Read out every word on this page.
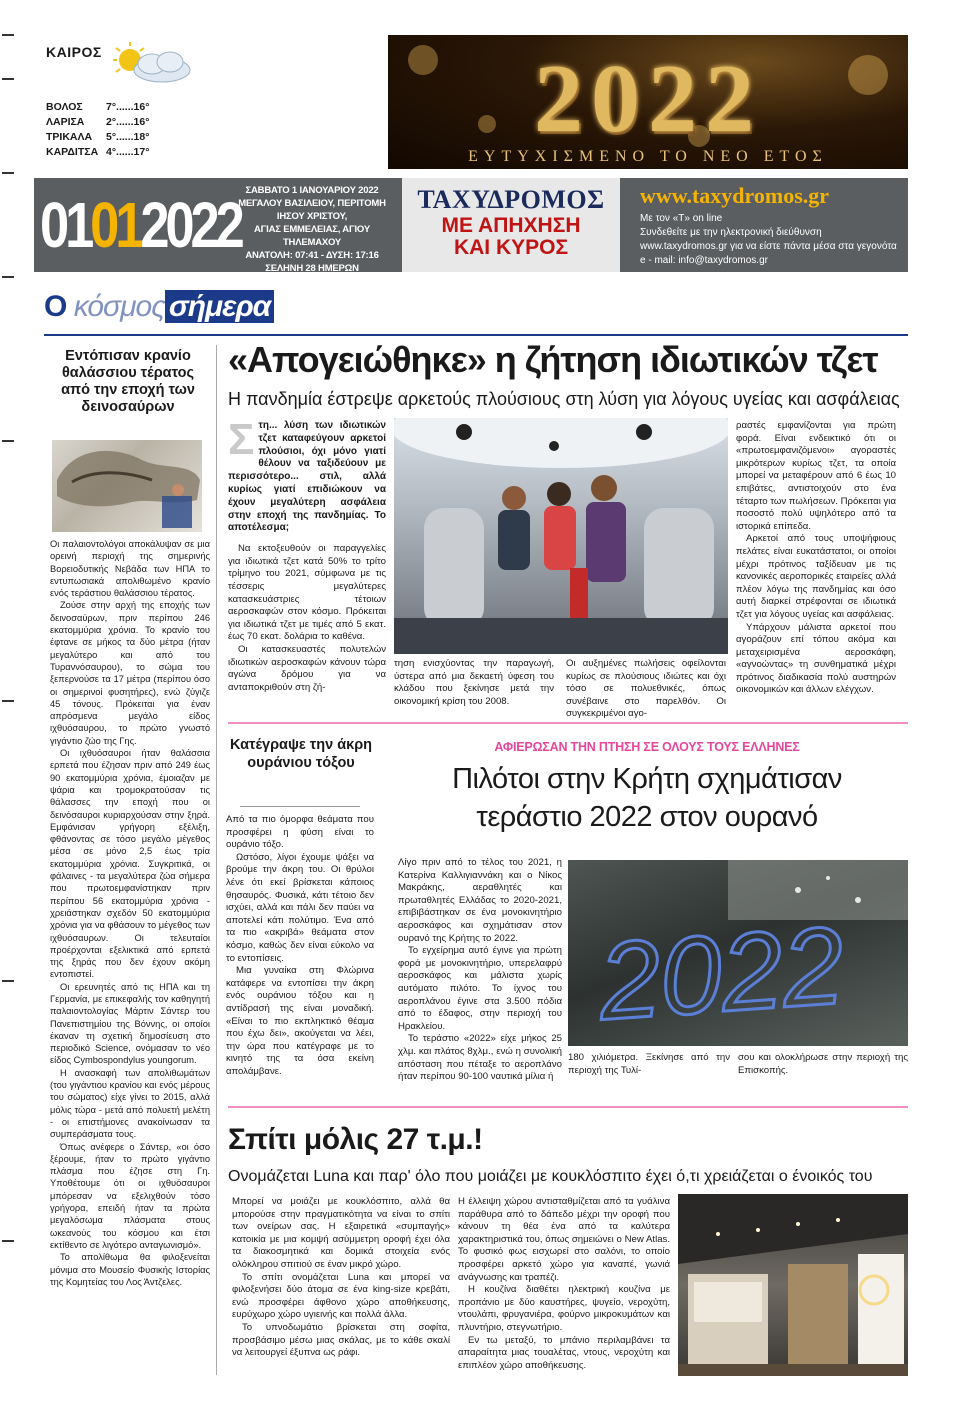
ΚΑΙΡΟΣ
ΒΟΛΟΣ	7°......16°
ΛΑΡΙΣΑ	2°......16°
ΤΡΙΚΑΛΑ	5°......18°
ΚΑΡΔΙΤΣΑ 4°......17°	2022
ΕΥΤΥΧΙΣΜΕΝΟ ΤΟ ΝΕΟ ΕΤΟΣ
01012022 ΣΑΒΒΑΤΟ 1 ΙΑΝΟΥΑΡΙΟΥ 2022
ΜΕΓΑΛΟΥ ΒΑΣΙΛΕΙΟΥ, ΠΕΡΙΤΟΜΗ ΙΗΣΟΥ ΧΡΙΣΤΟΥ,
ΑΓΙΑΣ ΕΜΜΕΛΕΙΑΣ, ΑΓΙΟΥ ΤΗΛΕΜΑΧΟΥ
ΑΝΑΤΟΛΗ: 07:41 - ΔΥΣΗ: 17:16
ΣΕΛΗΝΗ 28 ΗΜΕΡΩΝ
ΤΑΧΥΔΡΟΜΟΣ
ΜΕ ΑΠΗΧΗΣΗ
ΚΑΙ ΚΥΡΟΣ
www.taxydromos.gr
Με τον «Τ» on line
Συνδεθείτε με την ηλεκτρονική διεύθυνση
www.taxydromos.gr για να είστε πάντα μέσα στα γεγονότα
e - mail: info@taxydromos.gr
Ο κόσμος σήμερα
Εντόπισαν κρανίο θαλάσσιου τέρατος από την εποχή των δεινοσαύρων

Οι παλαιοντολόγοι αποκάλυψαν σε μια ορεινή περιοχή της σημερινής Βορειοδυτικής Νεβάδα των ΗΠΑ το εντυπωσιακά απολιθωμένο κρανίο ενός τεράστιου θαλάσσιου τέρατος.

Ζούσε στην αρχή της εποχής των δεινοσαύρων, πριν περίπου 246 εκατομμύρια χρόνια. Το κρανίο του έφτανε σε μήκος τα δύο μέτρα (ήταν μεγαλύτερο και από του Τυραννόσαυρου), το σώμα του ξεπερνούσε τα 17 μέτρα (περίπου όσο οι σημερινοί φυσητήρες), ενώ ζύγιζε 45 τόνους. Πρόκειται για έναν απρόσμενα μεγάλο είδος ιχθυόσαυρου, το πρώτο γνωστό γιγάντιο ζώο της Γης.

Οι ιχθυόσαυροι ήταν θαλάσσια ερπετά που έζησαν πριν από 249 έως 90 εκατομμύρια χρόνια, έμοιαζαν με ψάρια και τρομοκρατούσαν τις θάλασσες την εποχή που οι δεινόσαυροι κυριαρχούσαν στην ξηρά. Εμφάνισαν γρήγορη εξέλιξη, φθάνοντας σε τόσο μεγάλο μέγεθος μέσα σε μόνο 2,5 έως τρία εκατομμύρια χρόνια. Συγκριτικά, οι φάλαινες - τα μεγαλύτερα ζώα σήμερα που πρωτοεμφανίστηκαν πριν περίπου 56 εκατομμύρια χρόνια - χρειάστηκαν σχεδόν 50 εκατομμύρια χρόνια για να φθάσουν το μέγεθος των ιχθυόσαυρων. Οι τελευταίοι προέρχονται εξελικτικά από ερπετά της ξηράς που δεν έχουν ακόμη εντοπιστεί.

Οι ερευνητές από τις ΗΠΑ και τη Γερμανία, με επικεφαλής τον καθηγητή παλαιοντολογίας Μάρτιν Σάντερ του Πανεπιστημίου της Βόννης, οι οποίοι έκαναν τη σχετική δημοσίευση στο περιοδικό Science, ονόμασαν το νέο είδος Cymbospondylus youngorum.

Η ανασκαφή των απολιθωμάτων (του γιγάντιου κρανίου και ενός μέρους του σώματος) είχε γίνει το 2015, αλλά μόλις τώρα - μετά από πολυετή μελέτη - οι επιστήμονες ανακοίνωσαν τα συμπεράσματα τους.

Όπως ανέφερε ο Σάντερ, «οι όσο ξέρουμε, ήταν το πρώτο γιγάντιο πλάσμα που έζησε στη Γη. Υποθέτουμε ότι οι ιχθυόσαυροι μπόρεσαν να εξελιχθούν τόσο γρήγορα, επειδή ήταν τα πρώτα μεγαλόσωμα πλάσματα στους ωκεανούς του κόσμου και έτσι εκτίθεντο σε λιγότερο ανταγωνισμό».

Το απολίθωμα θα φιλοξενείται μόνιμα στο Μουσείο Φυσικής Ιστορίας της Κομητείας του Λος Άντζελες.

«Απογειώθηκε» η ζήτηση ιδιωτικών τζετ
Η πανδημία έστρεψε αρκετούς πλούσιους στη λύση για λόγους υγείας και ασφάλειας

Στη... λύση των ιδιωτικών τζετ καταφεύγουν αρκετοί πλούσιοι, όχι μόνο γιατί θέλουν να ταξιδεύουν με περισσότερο... στιλ, αλλά κυρίως γιατί επιδιώκουν να έχουν μεγαλύτερη ασφάλεια στην εποχή της πανδημίας. Το αποτέλεσμα;

Να εκτοξευθούν οι παραγγελίες για ιδιωτικά τζετ κατά 50% το τρίτο τρίμηνο του 2021, σύμφωνα με τις τέσσερις μεγαλύτερες κατασκευάστριες τέτοιων αεροσκαφών στον κόσμο. Πρόκειται για ιδιωτικά τζετ με τιμές από 5 εκατ. έως 70 εκατ. δολάρια το καθένα.

Οι κατασκευαστές πολυτελών ιδιωτικών αεροσκαφών κάνουν τώρα αγώνα δρόμου για να ανταποκριθούν στη ζή-

τηση ενισχύοντας την παραγωγή, ύστερα από μια δεκαετή ύφεση του κλάδου που ξεκίνησε μετά την οικονομική κρίση του 2008.

Οι αυξημένες πωλήσεις οφείλονται κυρίως σε πλούσιους ιδιώτες και όχι τόσο σε πολυεθνικές, όπως συνέβαινε στο παρελθόν. Οι συγκεκριμένοι αγο-

ραστές εμφανίζονται για πρώτη φορά. Είναι ενδεικτικό ότι οι «πρωτοεμφανιζόμενοι» αγοραστές μικρότερων κυρίως τζετ, τα οποία μπορεί να μεταφέρουν από 6 έως 10 επιβάτες, αντιστοιχούν στο ένα τέταρτο των πωλήσεων. Πρόκειται για ποσοστό πολύ υψηλότερο από τα ιστορικά επίπεδα.

Αρκετοί από τους υποψήφιους πελάτες είναι ευκατάστατοι, οι οποίοι μέχρι πρότινος ταξίδευαν με τις κανονικές αεροπορικές εταιρείες αλλά πλέον λόγω της πανδημίας και όσο αυτή διαρκεί στρέφονται σε ιδιωτικά τζετ για λόγους υγείας και ασφάλειας.

Υπάρχουν μάλιστα αρκετοί που αγοράζουν επί τόπου ακόμα και μεταχειρισμένα αεροσκάφη, «αγνοώντας» τη συνθηματικά μέχρι πρότινος διαδικασία πολύ αυστηρών οικονομικών και άλλων ελέγχων.

Κατέγραψε την άκρη ουράνιου τόξου

Από τα πιο όμορφα θεάματα που προσφέρει η φύση είναι το ουράνιο τόξο.

Ωστόσο, λίγοι έχουμε ψάξει να βρούμε την άκρη του. Οι θρύλοι λένε ότι εκεί βρίσκεται κάποιος θησαυρός. Φυσικά, κάτι τέτοιο δεν ισχύει, αλλά και πάλι δεν παύει να αποτελεί κάτι πολύτιμο. Ένα από τα πιο «ακριβά» θεάματα στον κόσμο, καθώς δεν είναι εύκολο να το εντοπίσεις.

Μια γυναίκα στη Φλώρινα κατάφερε να εντοπίσει την άκρη ενός ουράνιου τόξου και η αντίδρασή της είναι μοναδική. «Είναι το πιο εκπληκτικό θέαμα που έχω δει», ακούγεται να λέει, την ώρα που κατέγραφε με το κινητό της τα όσα εκείνη απολάμβανε.

ΑΦΙΕΡΩΣΑΝ ΤΗΝ ΠΤΗΣΗ ΣΕ ΟΛΟΥΣ ΤΟΥΣ ΕΛΛΗΝΕΣ
Πιλότοι στην Κρήτη σχημάτισαν
τεράστιο 2022 στον ουρανό

Λίγο πριν από το τέλος του 2021, η Κατερίνα Καλλιγιαννάκη και ο Νίκος Μακράκης, αεραθλητές και πρωταθλητές Ελλάδας το 2020-2021, επιβιβάστηκαν σε ένα μονοκινητήριο αεροσκάφος και σχημάτισαν στον ουρανό της Κρήτης το 2022.

Το εγχείρημα αυτό έγινε για πρώτη φορά με μονοκινητήριο, υπερελαφρύ αεροσκάφος και μάλιστα χωρίς αυτόματο πιλότο. Το ίχνος του αεροπλάνου έγινε στα 3.500 πόδια από το έδαφος, στην περιοχή του Ηρακλείου.

Το τεράστιο «2022» είχε μήκος 25 χλμ. και πλάτος 8χλμ., ενώ η συνολική απόσταση που πέταξε το αεροπλάνο ήταν περίπου 90-100 ναυτικά μίλια ή

2022

180 χιλιόμετρα. Ξεκίνησε από την περιοχή της Τυλί-

σου και ολοκλήρωσε στην περιοχή της Επισκοπής.

Σπίτι μόλις 27 τ.μ.!
Ονομάζεται Luna και παρ' όλο που μοιάζει με κουκλόσπιτο έχει ό,τι χρειάζεται ο ένοικός του

Μπορεί να μοιάζει με κουκλόσπιτο, αλλά θα μπορούσε στην πραγματικότητα να είναι το σπίτι των ονείρων σας. Η εξαιρετικά «συμπαγής» κατοικία με μια κομψή ασύμμετρη οροφή έχει όλα τα διακοσμητικά και δομικά στοιχεία ενός ολόκληρου σπιτιού σε έναν μικρό χώρο.

Το σπίτι ονομάζεται Luna και μπορεί να φιλοξενήσει δύο άτομα σε ένα king-size κρεβάτι, ενώ προσφέρει άφθονο χώρο αποθήκευσης, ευρύχωρο χώρο υγιεινής και πολλά άλλα.

Το υπνοδωμάτιο βρίσκεται στη σοφίτα, προσβάσιμο μέσω μιας σκάλας, με το κάθε σκαλί να λειτουργεί έξυπνα ως ράφι.

Η έλλειψη χώρου αντισταθμίζεται από τα γυάλινα παράθυρα από το δάπεδο μέχρι την οροφή που κάνουν τη θέα ένα από τα καλύτερα χαρακτηριστικά του, όπως σημειώνει ο New Atlas. Το φυσικό φως εισχωρεί στο σαλόνι, το οποίο προσφέρει αρκετό χώρο για καναπέ, γωνιά ανάγνωσης και τραπέζι.

Η κουζίνα διαθέτει ηλεκτρική κουζίνα με προπάνιο με δύο καυστήρες, ψυγείο, νεροχύτη, ντουλάπι, φρυγανιέρα, φούρνο μικροκυμάτων και πλυντήριο, στεγνωτήριο.

Εν τω μεταξύ, το μπάνιο περιλαμβάνει τα απαραίτητα μιας τουαλέτας, ντους, νεροχύτη και επιπλέον χώρο αποθήκευσης.
